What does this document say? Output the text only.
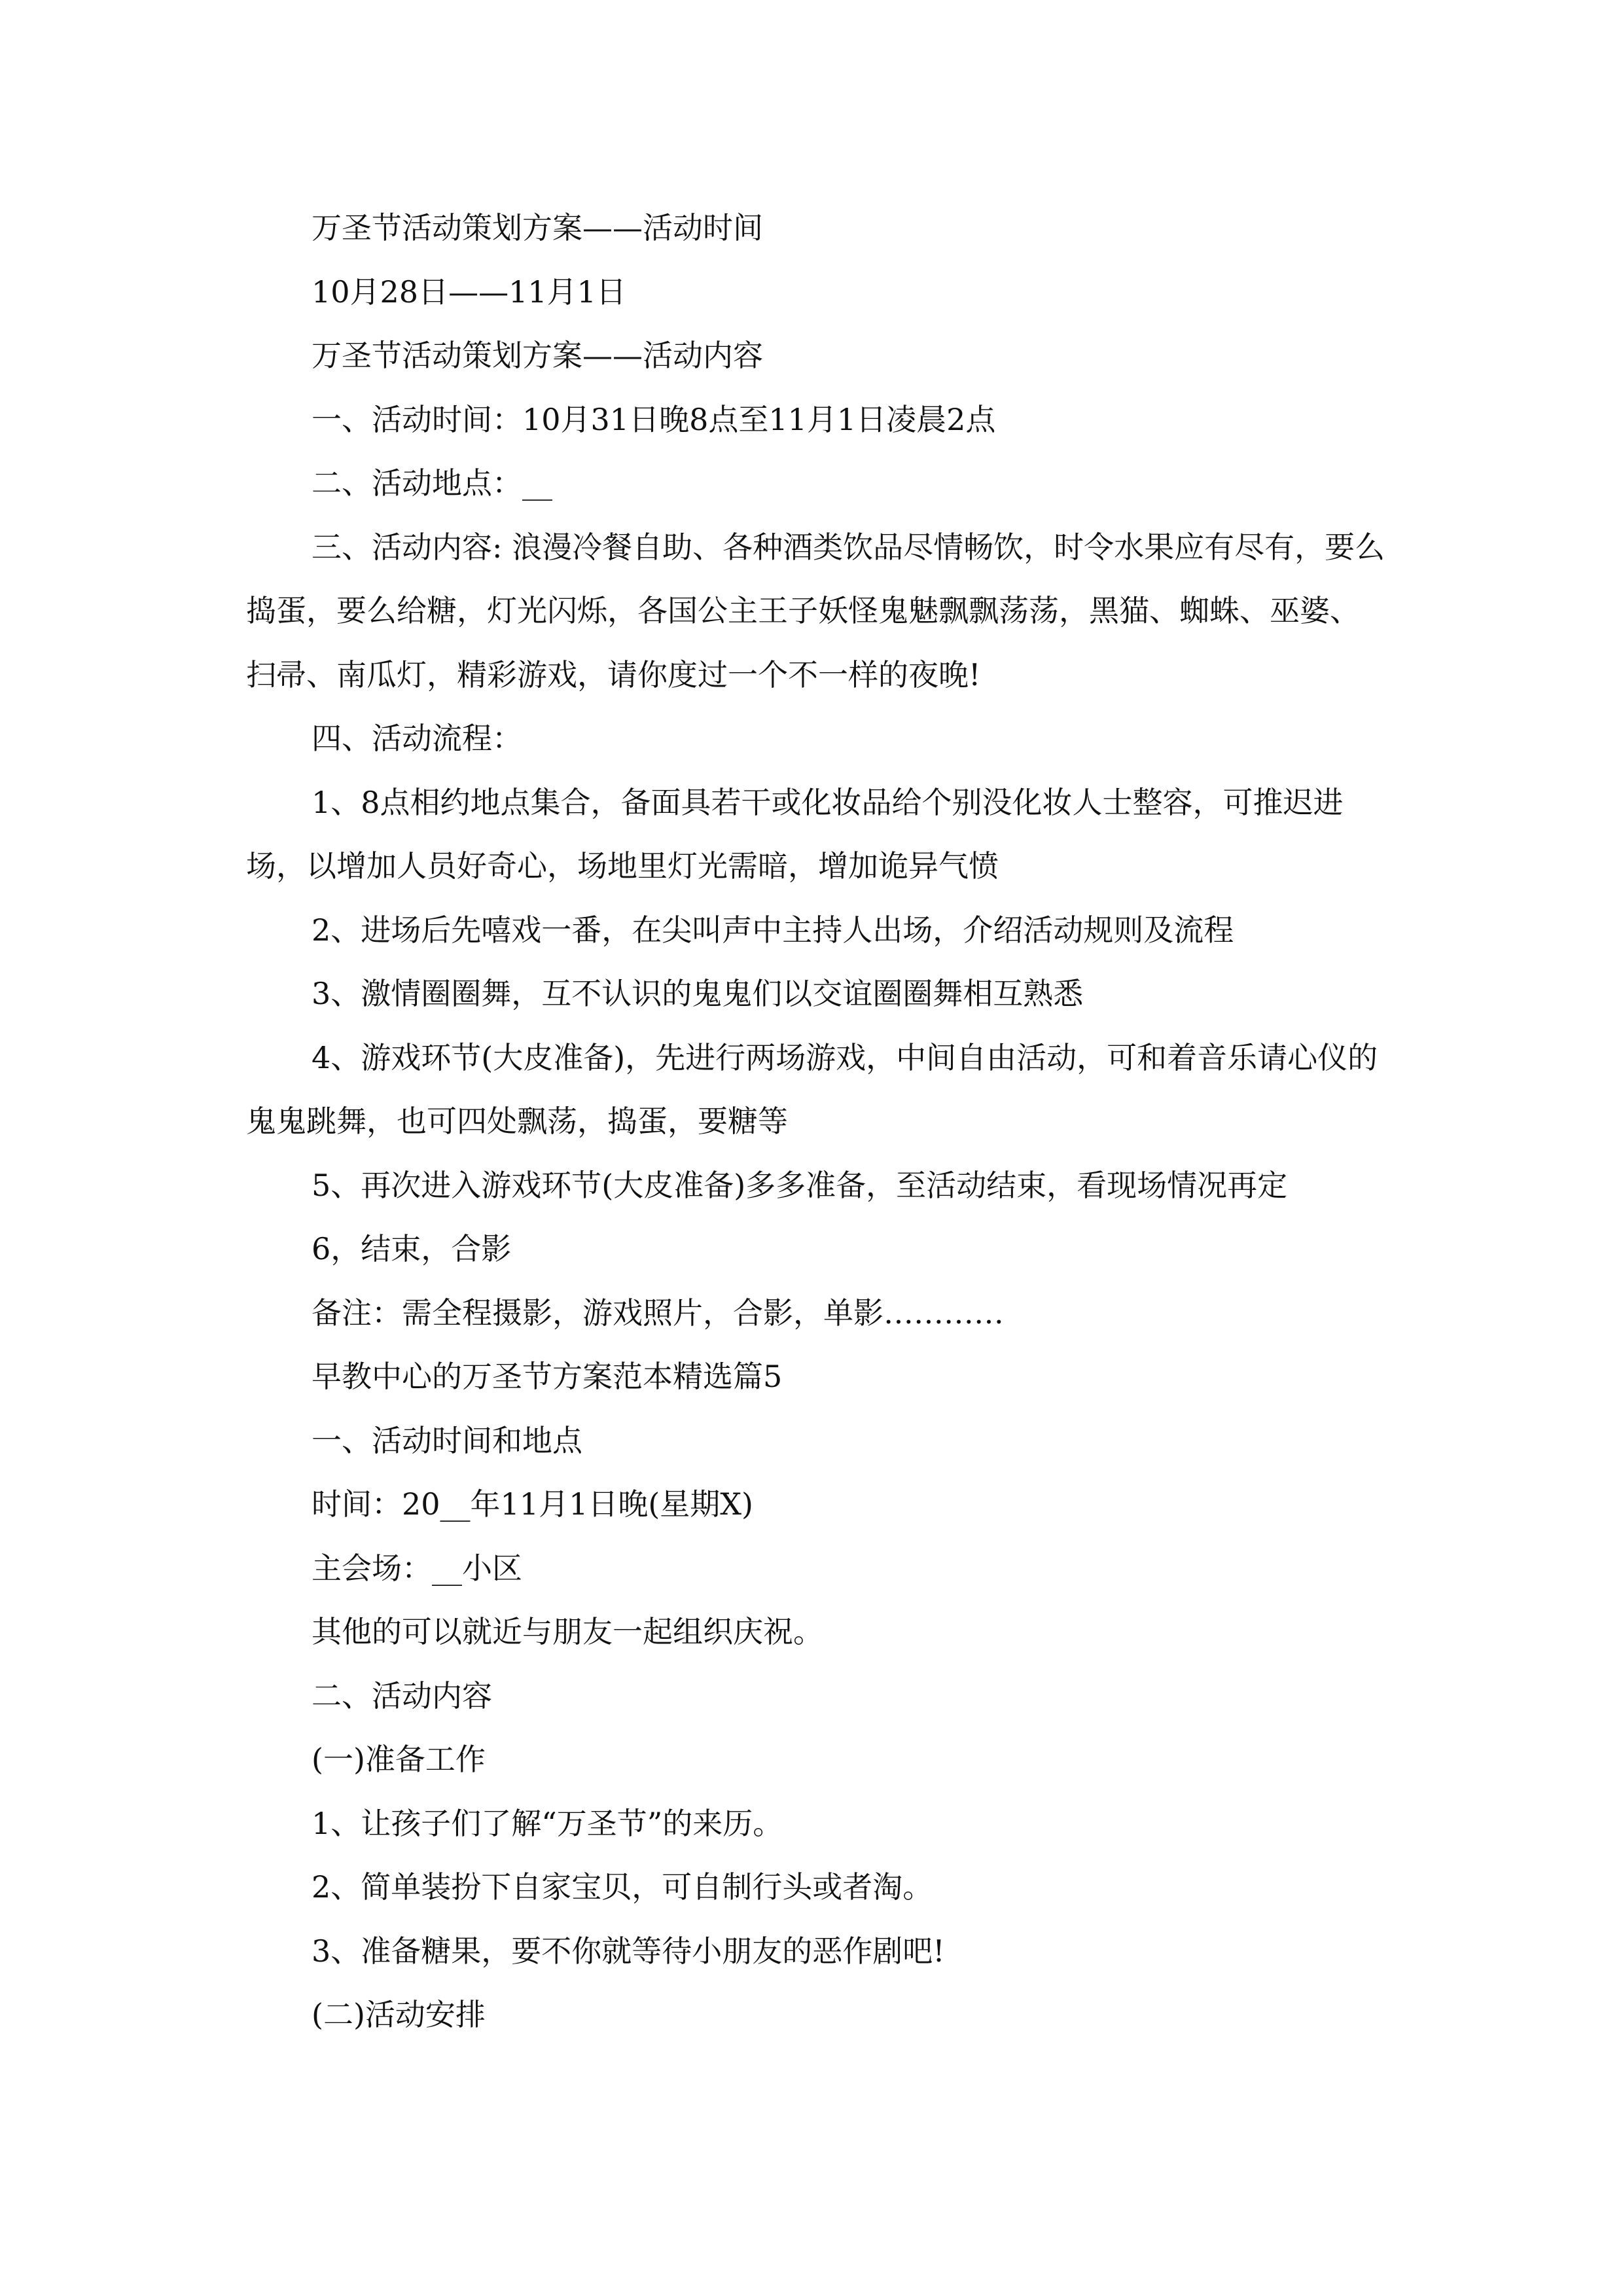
万圣节活动策划方案——活动时间

10月28日——11月1日

万圣节活动策划方案——活动内容

一、活动时间：10月31日晚8点至11月1日凌晨2点

二、活动地点：__

三、活动内容: 浪漫冷餐自助、各种酒类饮品尽情畅饮，时令水果应有尽有，要么捣蛋，要么给糖，灯光闪烁，各国公主王子妖怪鬼魅飘飘荡荡，黑猫、蜘蛛、巫婆、扫帚、南瓜灯，精彩游戏，请你度过一个不一样的夜晚!

四、活动流程：

1、8点相约地点集合，备面具若干或化妆品给个别没化妆人士整容，可推迟进场，以增加人员好奇心，场地里灯光需暗，增加诡异气愤

2、进场后先嘻戏一番，在尖叫声中主持人出场，介绍活动规则及流程

3、激情圈圈舞，互不认识的鬼鬼们以交谊圈圈舞相互熟悉

4、游戏环节(大皮准备)，先进行两场游戏，中间自由活动，可和着音乐请心仪的鬼鬼跳舞，也可四处飘荡，捣蛋，要糖等

5、再次进入游戏环节(大皮准备)多多准备，至活动结束，看现场情况再定

6，结束，合影

备注：需全程摄影，游戏照片，合影，单影…………

早教中心的万圣节方案范本精选篇5

一、活动时间和地点

时间：20__年11月1日晚(星期X)

主会场：__小区

其他的可以就近与朋友一起组织庆祝。

二、活动内容

(一)准备工作

1、让孩子们了解“万圣节”的来历。

2、简单装扮下自家宝贝，可自制行头或者淘。

3、准备糖果，要不你就等待小朋友的恶作剧吧!

(二)活动安排
